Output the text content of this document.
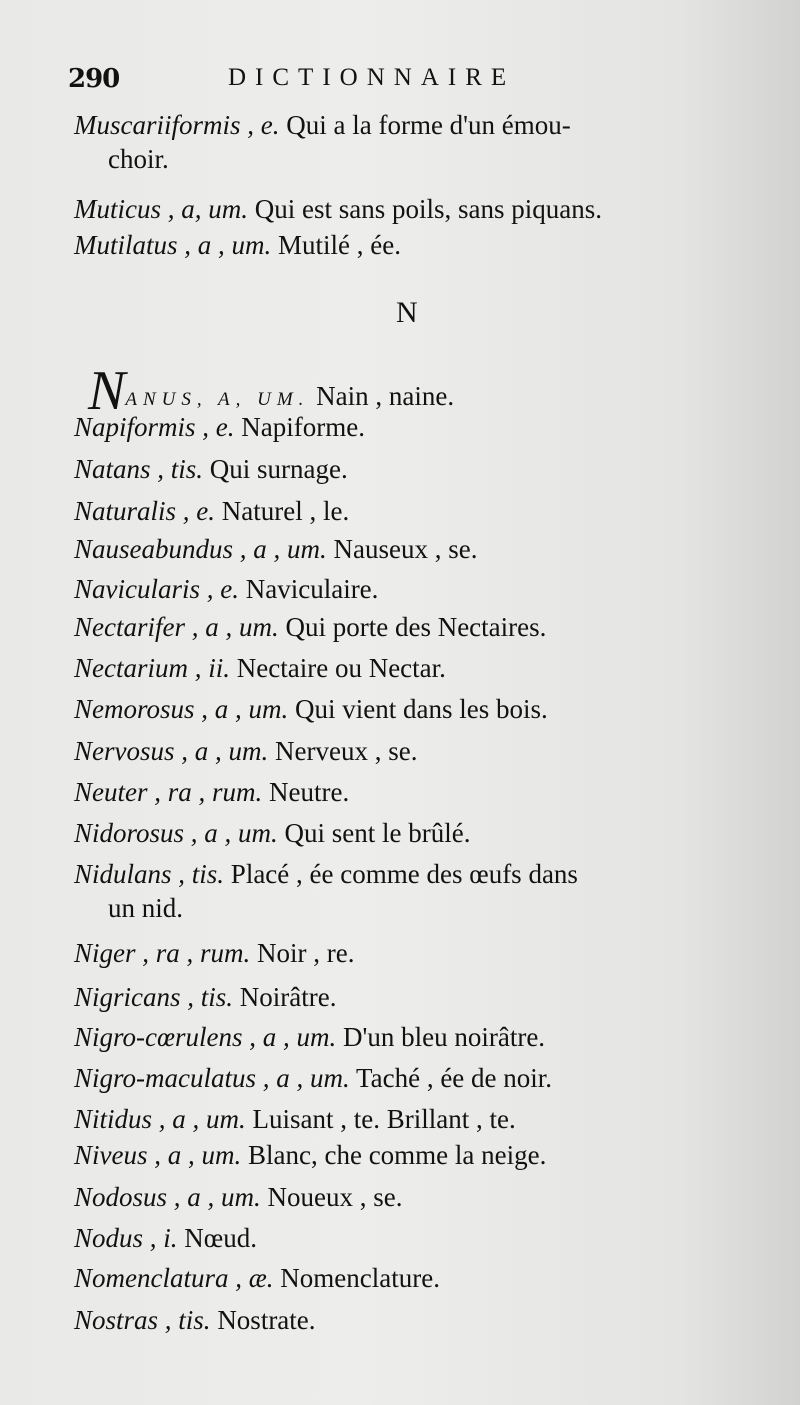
290	DICTIONNAIRE
Muscariiformis , e. Qui a la forme d'un émou-
choir.
Muticus , a, um. Qui est sans poils, sans piquans.
Mutilatus , a , um. Mutilé , ée.
N
NANUS, A, UM. Nain , naine.
Napiformis , e. Napiforme.
Natans , tis. Qui surnage.
Naturalis , e. Naturel , le.
Nauseabundus , a , um. Nauseux , se.
Navicularis , e. Naviculaire.
Nectarifer , a , um. Qui porte des Nectaires.
Nectarium , ii. Nectaire ou Nectar.
Nemorosus , a , um. Qui vient dans les bois.
Nervosus , a , um. Nerveux , se.
Neuter , ra , rum. Neutre.
Nidorosus , a , um. Qui sent le brûlé.
Nidulans , tis. Placé , ée comme des œufs dans
un nid.
Niger , ra , rum. Noir , re.
Nigricans , tis. Noirâtre.
Nigro-cœrulens , a , um. D'un bleu noirâtre.
Nigro-maculatus , a , um. Taché , ée de noir.
Nitidus , a , um. Luisant , te. Brillant , te.
Niveus , a , um. Blanc, che comme la neige.
Nodosus , a , um. Noueux , se.
Nodus , i. Nœud.
Nomenclatura , æ. Nomenclature.
Nostras , tis. Nostrate.
